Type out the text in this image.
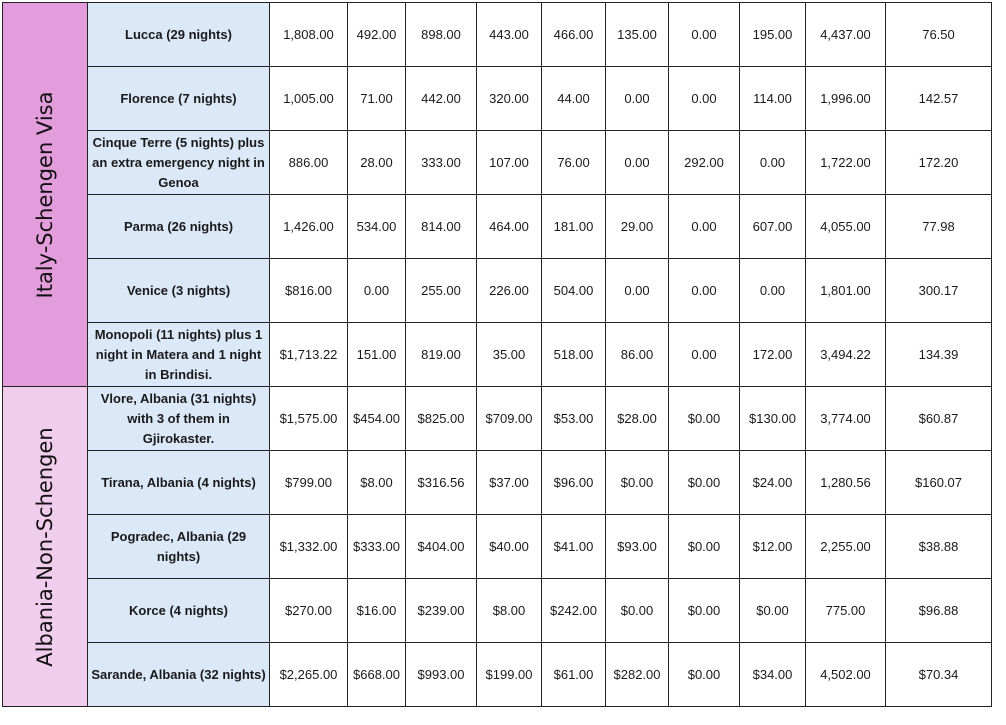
Italy-Schengen Visa	Lucca (29 nights)	1,808.00	492.00	898.00	443.00	466.00	135.00	0.00	195.00	4,437.00	76.50
	Florence (7 nights)	1,005.00	71.00	442.00	320.00	44.00	0.00	0.00	114.00	1,996.00	142.57
	Cinque Terre (5 nights) plus an extra emergency night in Genoa	886.00	28.00	333.00	107.00	76.00	0.00	292.00	0.00	1,722.00	172.20
	Parma (26 nights)	1,426.00	534.00	814.00	464.00	181.00	29.00	0.00	607.00	4,055.00	77.98
	Venice (3 nights)	$816.00	0.00	255.00	226.00	504.00	0.00	0.00	0.00	1,801.00	300.17
	Monopoli (11 nights) plus 1 night in Matera and 1 night in Brindisi.	$1,713.22	151.00	819.00	35.00	518.00	86.00	0.00	172.00	3,494.22	134.39

Albania-Non-Schengen	Vlore, Albania (31 nights) with 3 of them in Gjirokaster.	$1,575.00	$454.00	$825.00	$709.00	$53.00	$28.00	$0.00	$130.00	3,774.00	$60.87
	Tirana, Albania (4 nights)	$799.00	$8.00	$316.56	$37.00	$96.00	$0.00	$0.00	$24.00	1,280.56	$160.07
	Pogradec, Albania (29 nights)	$1,332.00	$333.00	$404.00	$40.00	$41.00	$93.00	$0.00	$12.00	2,255.00	$38.88
	Korce (4 nights)	$270.00	$16.00	$239.00	$8.00	$242.00	$0.00	$0.00	$0.00	775.00	$96.88
	Sarande, Albania (32 nights)	$2,265.00	$668.00	$993.00	$199.00	$61.00	$282.00	$0.00	$34.00	4,502.00	$70.34
